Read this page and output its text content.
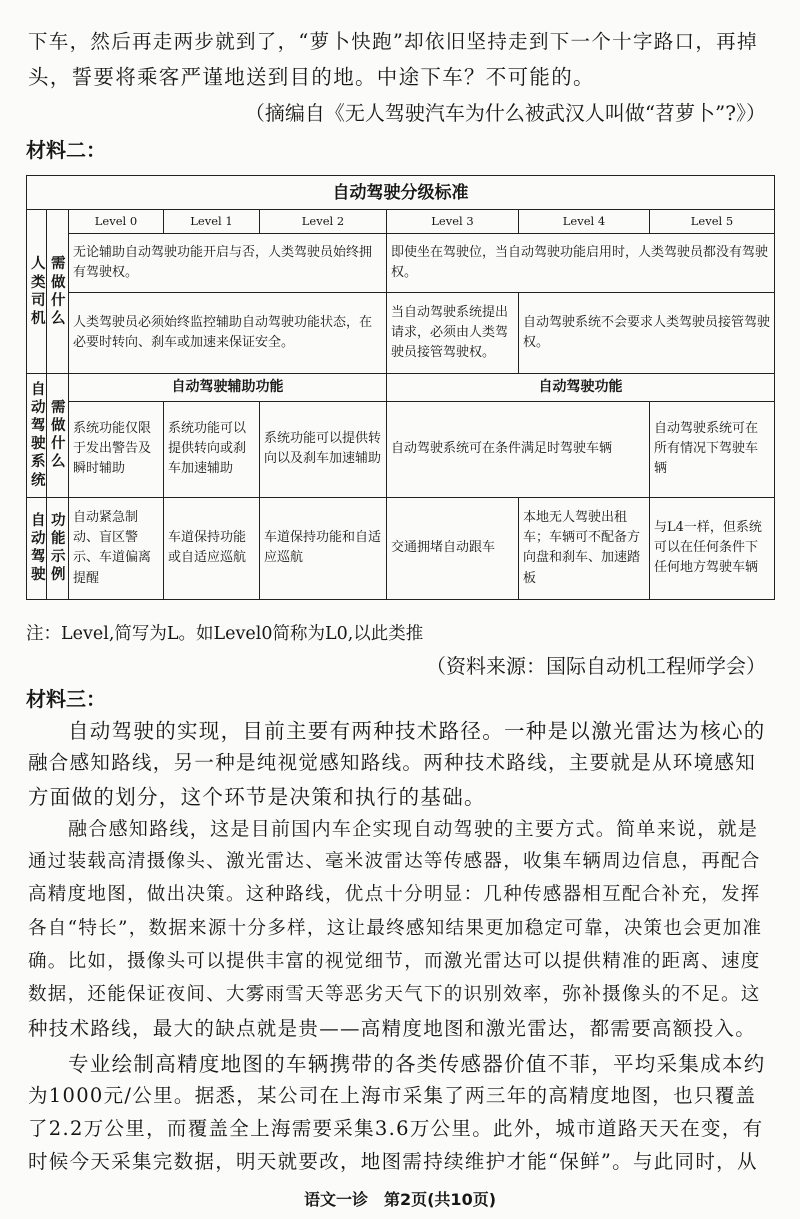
下车，然后再走两步就到了，“萝卜快跑”却依旧坚持走到下一个十字路口，再掉
头，誓要将乘客严谨地送到目的地。中途下车？不可能的。
（摘编自《无人驾驶汽车为什么被武汉人叫做“苕萝卜”?》）
材料二：
自动驾驶分级标准							
人类司机	需做什么	Level 0	Level 1	Level 2	Level 3	Level 4	Level 5
		无论辅助自动驾驶功能开启与否，人类驾驶员始终拥有驾驶权。			即使坐在驾驶位，当自动驾驶功能启用时，人类驾驶员都没有驾驶权。		
		人类驾驶员必须始终监控辅助自动驾驶功能状态，在必要时转向、刹车或加速来保证安全。			当自动驾驶系统提出请求，必须由人类驾驶员接管驾驶权。	自动驾驶系统不会要求人类驾驶员接管驾驶权。	
自动驾驶系统	需做什么	自动驾驶辅助功能			自动驾驶功能		
		系统功能仅限于发出警告及瞬时辅助	系统功能可以提供转向或刹车加速辅助	系统功能可以提供转向以及刹车加速辅助	自动驾驶系统可在条件满足时驾驶车辆		自动驾驶系统可在所有情况下驾驶车辆
自动驾驶	功能示例	自动紧急制动、盲区警示、车道偏离提醒	车道保持功能或自适应巡航	车道保持功能和自适应巡航	交通拥堵自动跟车	本地无人驾驶出租车；车辆可不配备方向盘和刹车、加速踏板	与L4一样，但系统可以在任何条件下任何地方驾驶车辆
注：Level,简写为L。如Level0简称为L0,以此类推
（资料来源：国际自动机工程师学会）
材料三：
自动驾驶的实现，目前主要有两种技术路径。一种是以激光雷达为核心的
融合感知路线，另一种是纯视觉感知路线。两种技术路线，主要就是从环境感知
方面做的划分，这个环节是决策和执行的基础。
融合感知路线，这是目前国内车企实现自动驾驶的主要方式。简单来说，就是
通过装载高清摄像头、激光雷达、毫米波雷达等传感器，收集车辆周边信息，再配合
高精度地图，做出决策。这种路线，优点十分明显：几种传感器相互配合补充，发挥
各自“特长”，数据来源十分多样，这让最终感知结果更加稳定可靠，决策也会更加准
确。比如，摄像头可以提供丰富的视觉细节，而激光雷达可以提供精准的距离、速度
数据，还能保证夜间、大雾雨雪天等恶劣天气下的识别效率，弥补摄像头的不足。这
种技术路线，最大的缺点就是贵——高精度地图和激光雷达，都需要高额投入。
专业绘制高精度地图的车辆携带的各类传感器价值不菲，平均采集成本约
为1000元/公里。据悉，某公司在上海市采集了两三年的高精度地图，也只覆盖
了2.2万公里，而覆盖全上海需要采集3.6万公里。此外，城市道路天天在变，有
时候今天采集完数据，明天就要改，地图需持续维护才能“保鲜”。与此同时，从
语文一诊　第2页(共10页)
